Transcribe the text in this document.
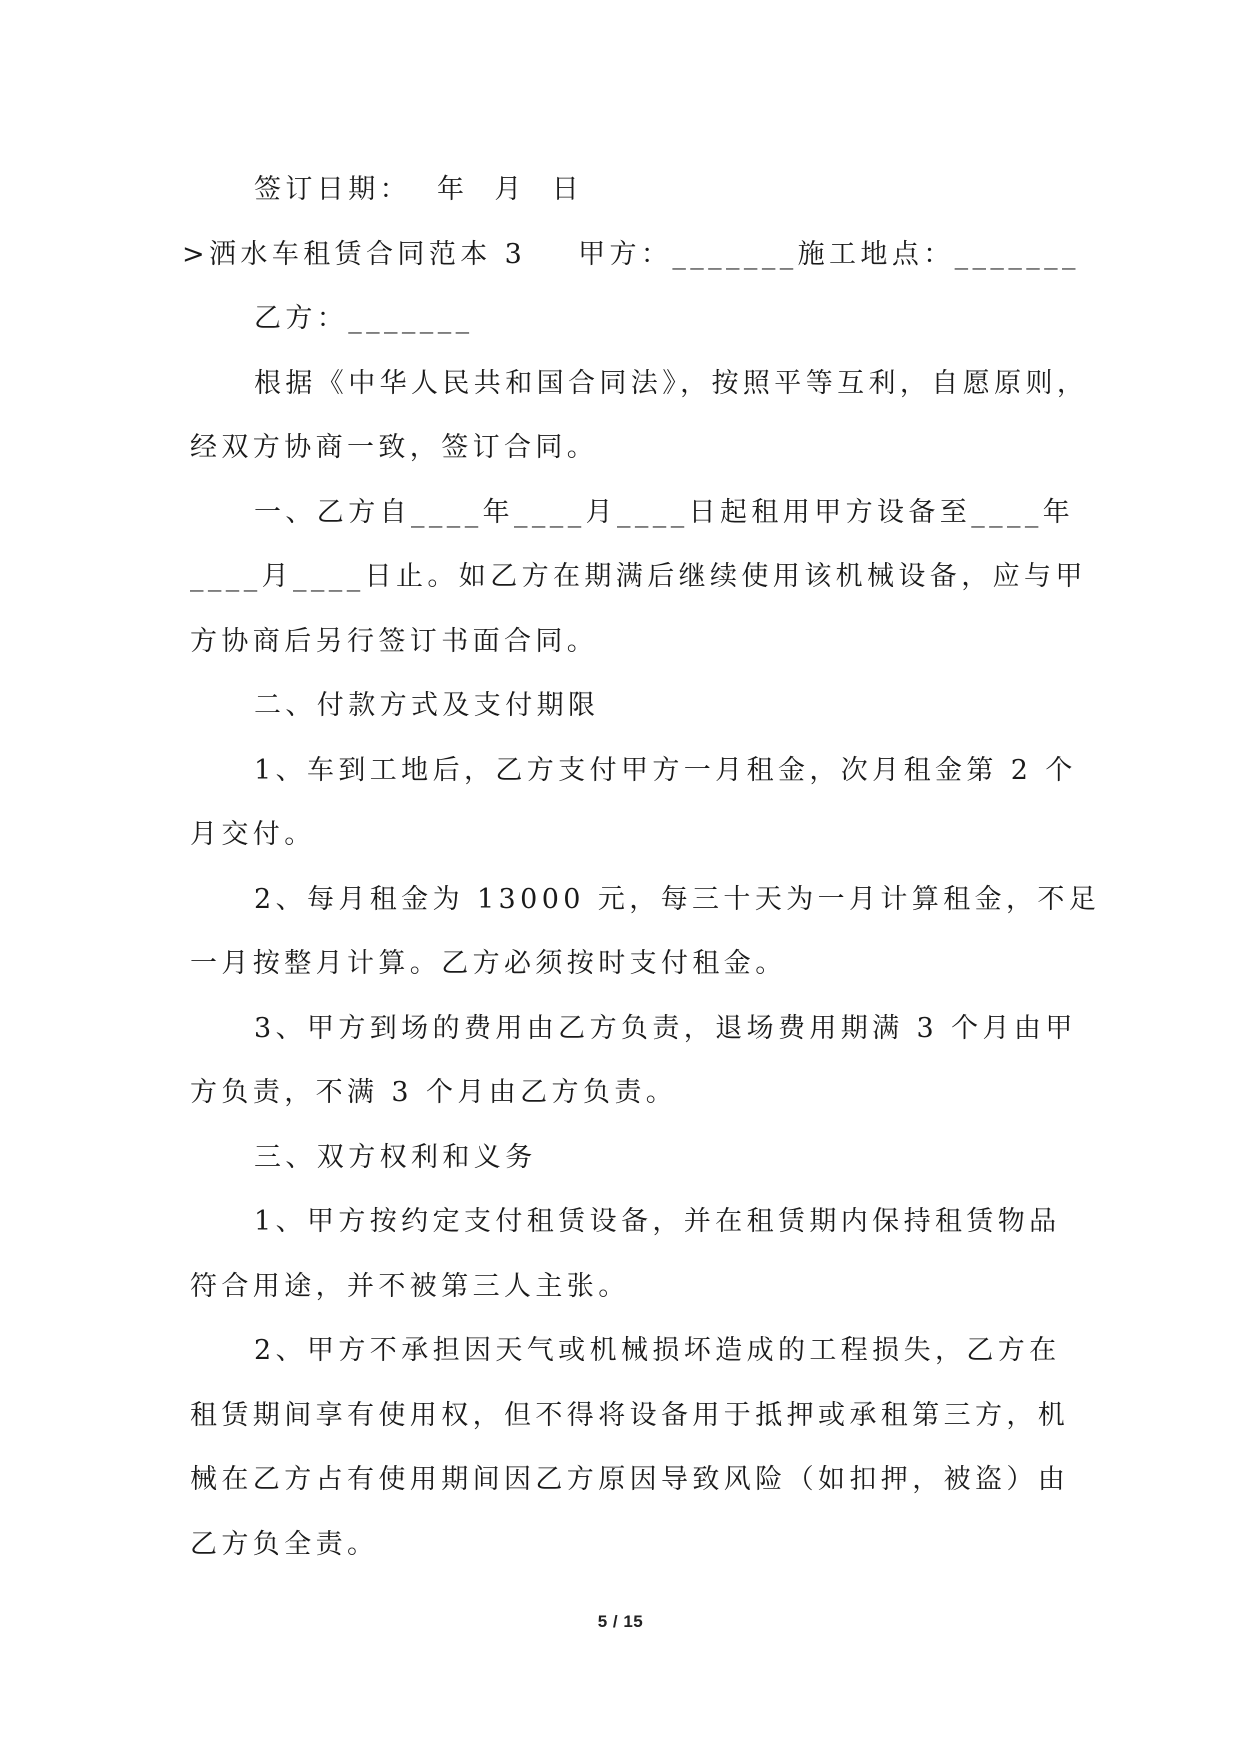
签订日期：  年  月  日

>洒水车租赁合同范本 3    甲方：_______施工地点：_______

乙方：_______

根据《中华人民共和国合同法》，按照平等互利，自愿原则，

经双方协商一致，签订合同。

一、乙方自____年____月____日起租用甲方设备至____年

____月____日止。如乙方在期满后继续使用该机械设备，应与甲

方协商后另行签订书面合同。

二、付款方式及支付期限

1、车到工地后，乙方支付甲方一月租金，次月租金第 2 个

月交付。

2、每月租金为 13000 元，每三十天为一月计算租金，不足

一月按整月计算。乙方必须按时支付租金。

3、甲方到场的费用由乙方负责，退场费用期满 3 个月由甲

方负责，不满 3 个月由乙方负责。

三、双方权利和义务

1、甲方按约定支付租赁设备，并在租赁期内保持租赁物品

符合用途，并不被第三人主张。

2、甲方不承担因天气或机械损坏造成的工程损失，乙方在

租赁期间享有使用权，但不得将设备用于抵押或承租第三方，机

械在乙方占有使用期间因乙方原因导致风险（如扣押，被盗）由

乙方负全责。

5 / 15
